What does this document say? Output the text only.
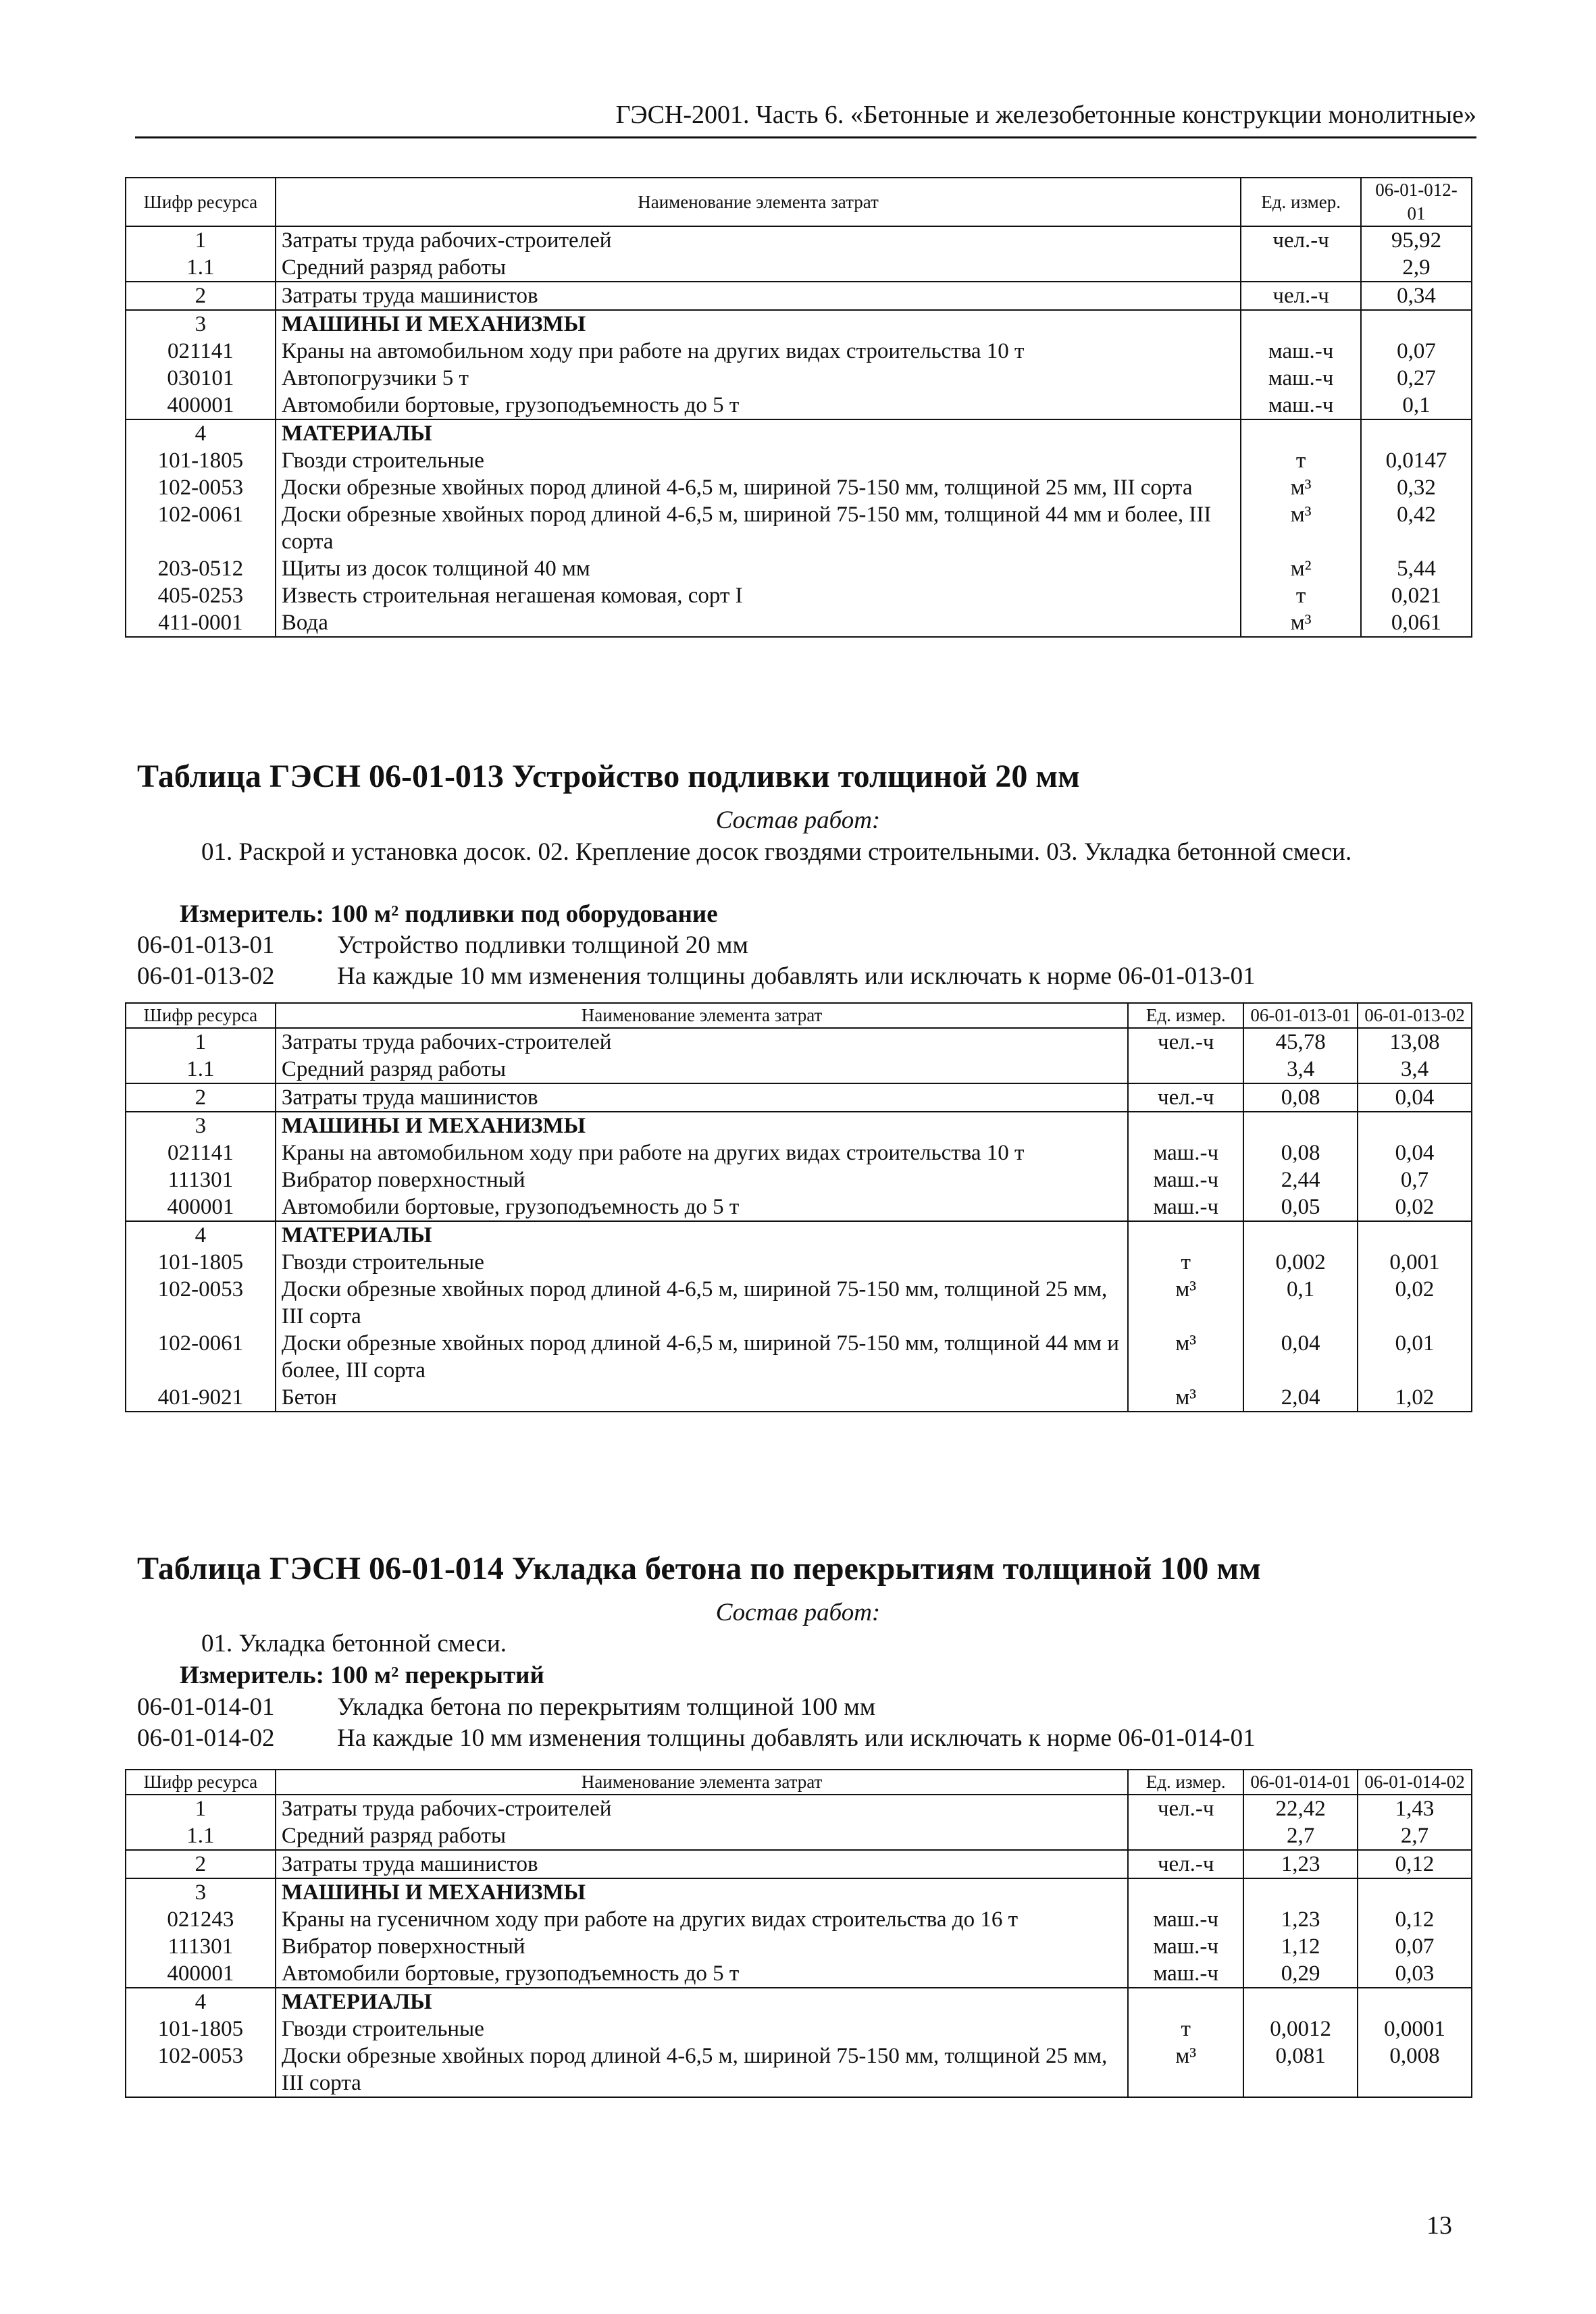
ГЭСН-2001. Часть 6. «Бетонные и железобетонные конструкции монолитные»
Шифр ресурса	Наименование элемента затрат	Ед. измер.	06-01-012-01
1	Затраты труда рабочих-строителей	чел.-ч	95,92
1.1	Средний разряд работы		2,9
2	Затраты труда машинистов	чел.-ч	0,34
3	МАШИНЫ И МЕХАНИЗМЫ		
021141	Краны на автомобильном ходу при работе на других видах строительства 10 т	маш.-ч	0,07
030101	Автопогрузчики 5 т	маш.-ч	0,27
400001	Автомобили бортовые, грузоподъемность до 5 т	маш.-ч	0,1
4	МАТЕРИАЛЫ		
101-1805	Гвозди строительные	т	0,0147
102-0053	Доски обрезные хвойных пород длиной 4-6,5 м, шириной 75-150 мм, толщиной 25 мм, III сорта	м³	0,32
102-0061	Доски обрезные хвойных пород длиной 4-6,5 м, шириной 75-150 мм, толщиной 44 мм и более, III сорта	м³	0,42
203-0512	Щиты из досок толщиной 40 мм	м²	5,44
405-0253	Известь строительная негашеная комовая, сорт I	т	0,021
411-0001	Вода	м³	0,061
Таблица ГЭСН 06-01-013 Устройство подливки толщиной 20 мм
Состав работ:
01. Раскрой и установка досок. 02. Крепление досок гвоздями строительными. 03. Укладка бетонной смеси.
Измеритель: 100 м² подливки под оборудование
06-01-013-01	Устройство подливки толщиной 20 мм
06-01-013-02	На каждые 10 мм изменения толщины добавлять или исключать к норме 06-01-013-01
Шифр ресурса	Наименование элемента затрат	Ед. измер.	06-01-013-01	06-01-013-02
1	Затраты труда рабочих-строителей	чел.-ч	45,78	13,08
1.1	Средний разряд работы		3,4	3,4
2	Затраты труда машинистов	чел.-ч	0,08	0,04
3	МАШИНЫ И МЕХАНИЗМЫ			
021141	Краны на автомобильном ходу при работе на других видах строительства 10 т	маш.-ч	0,08	0,04
111301	Вибратор поверхностный	маш.-ч	2,44	0,7
400001	Автомобили бортовые, грузоподъемность до 5 т	маш.-ч	0,05	0,02
4	МАТЕРИАЛЫ			
101-1805	Гвозди строительные	т	0,002	0,001
102-0053	Доски обрезные хвойных пород длиной 4-6,5 м, шириной 75-150 мм, толщиной 25 мм, III сорта	м³	0,1	0,02
102-0061	Доски обрезные хвойных пород длиной 4-6,5 м, шириной 75-150 мм, толщиной 44 мм и более, III сорта	м³	0,04	0,01
401-9021	Бетон	м³	2,04	1,02
Таблица ГЭСН 06-01-014 Укладка бетона по перекрытиям толщиной 100 мм
Состав работ:
01. Укладка бетонной смеси.
Измеритель: 100 м² перекрытий
06-01-014-01	Укладка бетона по перекрытиям толщиной 100 мм
06-01-014-02	На каждые 10 мм изменения толщины добавлять или исключать к норме 06-01-014-01
Шифр ресурса	Наименование элемента затрат	Ед. измер.	06-01-014-01	06-01-014-02
1	Затраты труда рабочих-строителей	чел.-ч	22,42	1,43
1.1	Средний разряд работы		2,7	2,7
2	Затраты труда машинистов	чел.-ч	1,23	0,12
3	МАШИНЫ И МЕХАНИЗМЫ			
021243	Краны на гусеничном ходу при работе на других видах строительства до 16 т	маш.-ч	1,23	0,12
111301	Вибратор поверхностный	маш.-ч	1,12	0,07
400001	Автомобили бортовые, грузоподъемность до 5 т	маш.-ч	0,29	0,03
4	МАТЕРИАЛЫ			
101-1805	Гвозди строительные	т	0,0012	0,0001
102-0053	Доски обрезные хвойных пород длиной 4-6,5 м, шириной 75-150 мм, толщиной 25 мм, III сорта	м³	0,081	0,008
13
